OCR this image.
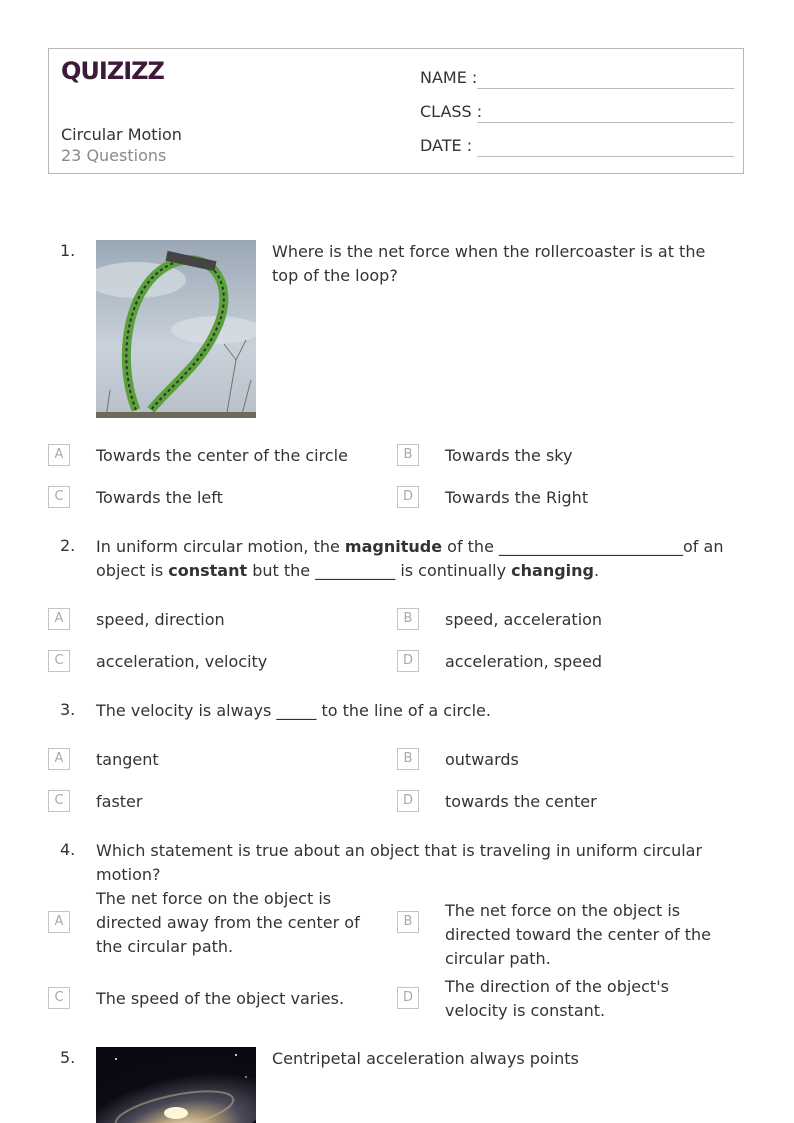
QUIZIZZ
Circular Motion
23 Questions
NAME :
CLASS :
DATE :
1.	Where is the net force when the rollercoaster is at the top of the loop?
A	Towards the center of the circle	B	Towards the sky
C	Towards the left	D	Towards the Right
2. In uniform circular motion, the magnitude of the _______________________of an object is constant but the __________ is continually changing.
A	speed, direction	B	speed, acceleration
C	acceleration, velocity	D	acceleration, speed
3. The velocity is always _____ to the line of a circle.
A	tangent	B	outwards
C	faster	D	towards the center
4. Which statement is true about an object that is traveling in uniform circular motion?
A
The net force on the object is directed away from the center of the circular path.
B
The net force on the object is directed toward the center of the circular path.
C	The speed of the object varies.	D
The direction of the object's velocity is constant.
5.	Centripetal acceleration always points
